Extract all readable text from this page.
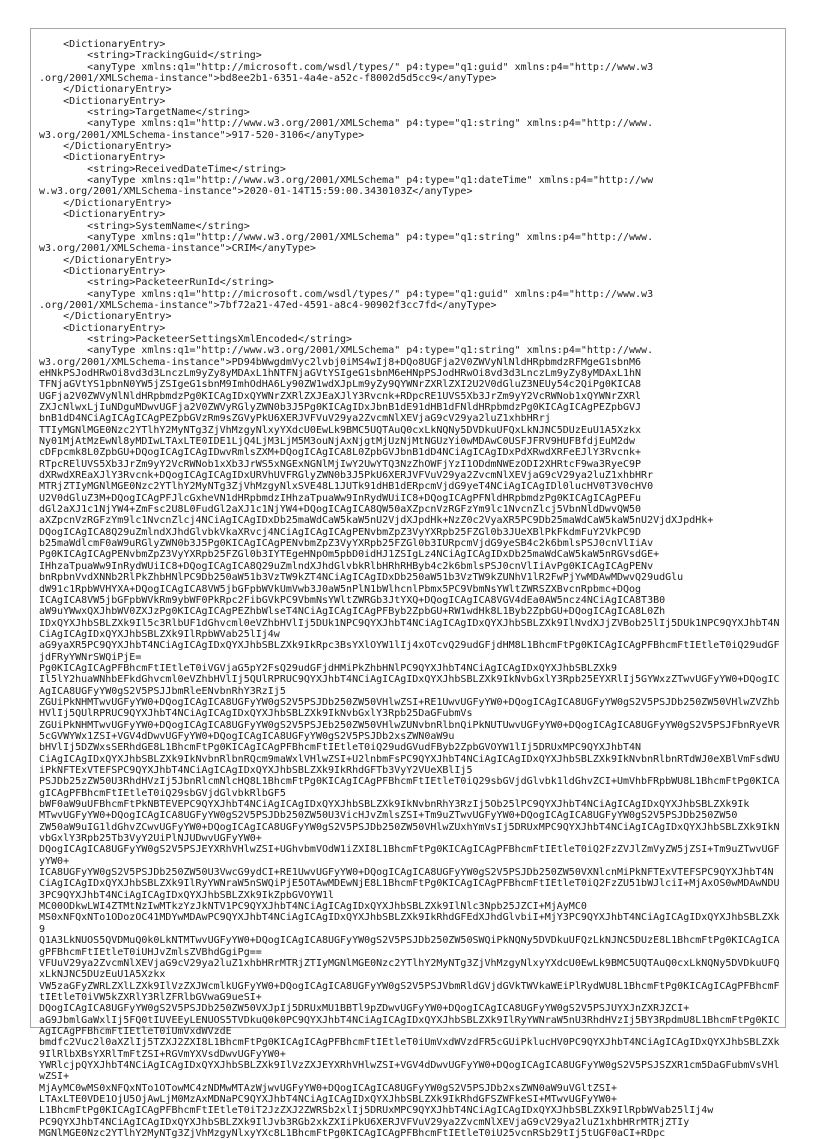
<DictionaryEntry>
<string>TrackingGuid</string>
<anyType xmlns:q1="http://microsoft.com/wsdl/types/" p4:type="q1:guid" xmlns:p4="http://www.w3
.org/2001/XMLSchema-instance">bd8ee2b1-6351-4a4e-a52c-f8002d5d5cc9</anyType>
</DictionaryEntry>
<DictionaryEntry>
<string>TargetName</string>
<anyType xmlns:q1="http://www.w3.org/2001/XMLSchema" p4:type="q1:string" xmlns:p4="http://www.
w3.org/2001/XMLSchema-instance">917-520-3106</anyType>
</DictionaryEntry>
<DictionaryEntry>
<string>ReceivedDateTime</string>
<anyType xmlns:q1="http://www.w3.org/2001/XMLSchema" p4:type="q1:dateTime" xmlns:p4="http://ww
w.w3.org/2001/XMLSchema-instance">2020-01-14T15:59:00.3430103Z</anyType>
</DictionaryEntry>
<DictionaryEntry>
<string>SystemName</string>
<anyType xmlns:q1="http://www.w3.org/2001/XMLSchema" p4:type="q1:string" xmlns:p4="http://www.
w3.org/2001/XMLSchema-instance">CRIM</anyType>
</DictionaryEntry>
<DictionaryEntry>
<string>PacketeerRunId</string>
<anyType xmlns:q1="http://microsoft.com/wsdl/types/" p4:type="q1:guid" xmlns:p4="http://www.w3
.org/2001/XMLSchema-instance">7bf72a21-47ed-4591-a8c4-90902f3cc7fd</anyType>
</DictionaryEntry>
<DictionaryEntry>
<string>PacketeerSettingsXmlEncoded</string>
<anyType xmlns:q1="http://www.w3.org/2001/XMLSchema" p4:type="q1:string" xmlns:p4="http://www.
w3.org/2001/XMLSchema-instance">PD94bWwgdmVyc2lvbj0iMS4wIj8+DQo8UGFja2V0ZWVyNlNldHRpbmdzRFMgeG1sbnM6
eHNkPSJodHRwOi8vd3d3LnczLm9yZy8yMDAxL1hNTFNjaGVtYSIgeG1sbnM6eHNpPSJodHRwOi8vd3d3LnczLm9yZy8yMDAxL1hN
TFNjaGVtYS1pbnN0YW5jZSIgeG1sbnM9ImhOdHA6Ly90ZW1wdXJpLm9yZy9QYWNrZXRlZXI2U2V0dGluZ3NEUy54c2QiPg0KICA8
UGFja2V0ZWVyNlNldHRpbmdzPg0KICAgIDxQYWNrZXRlZXJEaXJlY3Rvcnk+RDpcRE1UVS5Xb3JrZm9yY2VcRWNob1xQYWNrZXRl
ZXJcNlwxLjIuNDguMDwvUGFja2V0ZWVyRGlyZWN0b3J5Pg0KICAgIDxJbnB1dE91dHB1dFNldHRpbmdzPg0KICAgICAgPEZpbGVJ
bnB1dD4NCiAgICAgICAgPEZpbGVzRm9sZGVyPkU6XERJVFVuV29ya2ZvcmNlXEVjaG9cV29ya2luZ1xhbHRrj
TTIyMGNlMGE0Nzc2YTlhY2MyNTg3ZjVhMzgyNlxyYXdcU0EwLk9BMC5UQTAuQ0cxLkNQNy5DVDkuUFQxLkNJNC5DUzEuU1A5Xzkx
Ny01MjAtMzEwNl8yMDIwLTAxLTE0IDE1LjQ4LjM3LjM5M3ouNjAxNjgtMjUzNjMtNGUzYi0wMDAwC0USFJFRV9HUFBfdjEuM2dw
cDFpcmk8L0ZpbGU+DQogICAgICAgIDwvRmlsZXM+DQogICAgICA8L0ZpbGVJbnB1dD4NCiAgICAgIDxPdXRwdXRFeEJlY3Rvcnk+
RTpcRElUVS5Xb3JrZm9yY2VcRWNob1xXb3JrWS5xNGExNGNlMjIwY2UwYTQ3NzZhOWFjYzI1ODdmNWEzODI2XHRtcF9wa3RyeC9P
dXRwdXREaXJlY3Rvcnk+DQogICAgICAgIDxURVhUVFRGlyZWN0b3J5PkU6XERJVFVuV29ya2ZvcmNlXEVjaG9cV29ya2luZ1xhbHRr
MTRjZTIyMGNlMGE0Nzc2YTlhY2MyNTg3ZjVhMzgyNlxSVE48L1JUTk91dHB1dERpcmVjdG9yeT4NCiAgICAgIDl0lucHV0T3V0cHV0
U2V0dGluZ3M+DQogICAgPFJlcGxheVN1dHRpbmdzIHhzaTpuaWw9InRydWUiIC8+DQogICAgPFNldHRpbmdzPg0KICAgICAgPEFu
dGl2aXJ1c1NjYW4+ZmFsc2U8L0FudGl2aXJ1c1NjYW4+DQogICAgICA8QW50aXZpcnVzRGFzYm9lc1NvcnZlcj5VbnNldDwvQW50
aXZpcnVzRGFzYm9lc1NvcnZlcj4NCiAgICAgIDxDb25maWdCaW5kaW5nU2VjdXJpdHk+NzZ0c2VyaXR5PC9Db25maWdCaW5kaW5nU2VjdXJpdHk+
DQogICAgICA8Q29uZmlndXJhdGlvbkVkaXRvcj4NCiAgICAgICAgPENvbmZpZ3VyYXRpb25FZGl0b3JUeXBlPkFkdmFuY2VkPC9D
b25maWdlcmF0aW9uRGlyZWN0b3J5Pg0KICAgICAgPENvbmZpZ3VyYXRpb25FZGl0b3IURpcmVjdG9yeSB4c2k6bmlsPSJ0cnVlIiAv
Pg0KICAgICAgPENvbmZpZ3VyYXRpb25FZGl0b3IYTEgeHNpOm5pbD0idHJ1ZSIgLz4NCiAgICAgIDxDb25maWdCaW5kaW5nRGVsdGE+
IHhzaTpuaWw9InRydWUiIC8+DQogICAgICA8Q29uZmlndXJhdGlvbkRlbHRhRHByb4c2k6bmlsPSJ0cnVlIiAvPg0KICAgICAgPENv
bnRpbnVvdXNNb2RlPkZhbHNlPC9Db250aW51b3VzTW9kZT4NCiAgICAgIDxDb250aW51b3VzTW9kZUNhV1lR2FwPjYwMDAwMDwvQ29udGlu
dW91c1RpbWVHYXA+DQogICAgICA8VW5jbGFpbWVkUmVwb3J0aW5nPlN1bWlhcnlPbmx5PC9VbmNsYWltZWRSZXBvcnRpbmc+DQog
ICAgICA8VW5jbGFpbWVkRm9ybWF0PkRpc2FibGVkPC9VbmNsYWltZWRGb3JtYXQ+DQogICAgICA8VGV4dEa0AW5ncz4NCiAgICA8T3B0
aW9uYWwxQXJhbWV0ZXJzPg0KICAgICAgPEZhbWlseT4NCiAgICAgICAgPFByb2ZpbGU+RW1wdHk8L1Byb2ZpbGU+DQogICAgICA8L0Zh
IDxQYXJhbSBLZXk9Il5c3RlbUF1dGhvcml0eVZhbHVlIj5DUk1NPC9QYXJhbT4NCiAgICAgIDxQYXJhbSBLZXk9IlNvdXJjZVBob25lIj5DUk1NPC9QYXJhbT4NCiAgICAgIDxQYXJhbSBLZXk9IlRpbWVab25lIj4w
aG9yaXR5PC9QYXJhbT4NCiAgICAgIDxQYXJhbSBLZXk9IkRpc3BsYXlOYW1lIj4xOTcvQ29udGFjdHM8L1BhcmFtPg0KICAgICAgPFBhcmFtIEtleT0iQ29udGFjdFRyYWNrSWQiPjE=
Pg0KICAgICAgPFBhcmFtIEtleT0iVGVjaG5pY2FsQ29udGFjdHMiPkZhbHNlPC9QYXJhbT4NCiAgICAgIDxQYXJhbSBLZXk9
Il5lY2huaWNhbEFkdGhvcml0eVZhbHVlIj5QUlRPRUC9QYXJhbT4NCiAgICAgIDxQYXJhbSBLZXk9IkNvbGxlY3Rpb25EYXRlIj5GYWxzZTwvUGFyYW0+DQogICAgICA8UGFyYW0gS2V5PSJJbmRleENvbnRhY3RzIj5
ZGUiPkNHMTwvUGFyYW0+DQogICAgICA8UGFyYW0gS2V5PSJDb250ZW50VHlwZSI+RE1UwvUGFyYW0+DQogICAgICA8UGFyYW0gS2V5PSJDb250ZW50VHlwZVZhbHVlIj5QUlRPRUC9QYXJhbT4NCiAgICAgIDxQYXJhbSBLZXk9IkNvbGxlY3Rpb25DaGFubmVs
ZGUiPkNHMTwvUGFyYW0+DQogICAgICA8UGFyYW0gS2V5PSJEb250ZW50VHlwZUNvbnRlbnQiPkNUTUwvUGFyYW0+DQogICAgICA8UGFyYW0gS2V5PSJFbnRyeVR5cGVWYWx1ZSI+VGV4dDwvUGFyYW0+DQogICAgICA8UGFyYW0gS2V5PSJDb2xsZWN0aW9u
bHVlIj5DZWxsSERhdGE8L1BhcmFtPg0KICAgICAgPFBhcmFtIEtleT0iQ29udGVudFByb2ZpbGVOYW1lIj5DRUxMPC9QYXJhbT4N
CiAgICAgIDxQYXJhbSBLZXk9IkNvbnRlbnRQcm9maWxlVHlwZSI+U2lnbmFsPC9QYXJhbT4NCiAgICAgIDxQYXJhbSBLZXk9IkNvbnRlbnRTdWJ0eXBlVmFsdWUiPkNFTExVTEFSPC9QYXJhbT4NCiAgICAgIDxQYXJhbSBLZXk9IkRhdGFTb3VyY2VUeXBlIj5
PSJDb25zZW50U3RhdHVzIj5JbnRlcmNlcHQ8L1BhcmFtPg0KICAgICAgPFBhcmFtIEtleT0iQ29sbGVjdGlvbk1ldGhvZCI+UmVhbFRpbWU8L1BhcmFtPg0KICAgICAgPFBhcmFtIEtleT0iQ29sbGVjdGlvbkRlbGF5
bWF0aW9uUFBhcmFtPkNBTEVEPC9QYXJhbT4NCiAgICAgIDxQYXJhbSBLZXk9IkNvbnRhY3RzIj5Ob25lPC9QYXJhbT4NCiAgICAgIDxQYXJhbSBLZXk9Ik
MTwvUGFyYW0+DQogICAgICA8UGFyYW0gS2V5PSJDb250ZW50U3VicHJvZmlsZSI+Tm9uZTwvUGFyYW0+DQogICAgICA8UGFyYW0gS2V5PSJDb250ZW50
ZW50aW9uIG1ldGhvZCwvUGFyYW0+DQogICAgICA8UGFyYW0gS2V5PSJDb250ZW50VHlwZUxhYmVsIj5DRUxMPC9QYXJhbT4NCiAgICAgIDxQYXJhbSBLZXk9IkNvbGxlY3Rpb25Tb3VyY2UiPlNJUDwvUGFyYW0+
DQogICAgICA8UGFyYW0gS2V5PSJEYXRhVHlwZSI+UGhvbmVOdW1iZXI8L1BhcmFtPg0KICAgICAgPFBhcmFtIEtleT0iQ2FzZVJlZmVyZW5jZSI+Tm9uZTwvUGFyYW0+
ICA8UGFyYW0gS2V5PSJDb250ZW50U3VwcG9ydCI+RE1UwvUGFyYW0+DQogICAgICA8UGFyYW0gS2V5PSJDb250ZW50VXNlcnMiPkNFTExVTEFSPC9QYXJhbT4N
CiAgICAgIDxQYXJhbSBLZXk9IlRyYWNraW5nSWQiPjE5OTAwMDEwNjE8L1BhcmFtPg0KICAgICAgPFBhcmFtIEtleT0iQ2FzZU51bWJlciI+MjAxOS0wMDAwNDU3PC9QYXJhbT4NCiAgICAgIDxQYXJhbSBLZXk9IkZpbGVOYW1l
MC00ODkwLWI4ZTMtNzIwMTkzYzJkNTV1PC9QYXJhbT4NCiAgICAgIDxQYXJhbSBLZXk9IlNlc3Npb25JZCI+MjAyMC0
MS0xNFQxNTo1ODozOC41MDYwMDAwPC9QYXJhbT4NCiAgICAgIDxQYXJhbSBLZXk9IkRhdGFEdXJhdGlvbiI+MjY3PC9QYXJhbT4NCiAgICAgIDxQYXJhbSBLZXk9
Q1A3LkNUOS5QVDMuQ0k0LkNTMTwvUGFyYW0+DQogICAgICA8UGFyYW0gS2V5PSJDb250ZW50SWQiPkNQNy5DVDkuUFQzLkNJNC5DUzE8L1BhcmFtPg0KICAgICAgPFBhcmFtIEtleT0iUHJvZmlsZVBhdGgiPg==
VFUuV29ya2ZvcmNlXEVjaG9cV29ya2luZ1xhbHRrMTRjZTIyMGNlMGE0Nzc2YTlhY2MyNTg3ZjVhMzgyNlxyYXdcU0EwLk9BMC5UQTAuQ0cxLkNQNy5DVDkuUFQxLkNJNC5DUzEuU1A5Xzkx
VW5zaGFyZWRLZXlLZXk9IlVzZXJWcmlkUGFyYW0+DQogICAgICA8UGFyYW0gS2V5PSJVbmRldGVjdGVkTWVkaWEiPlRydWU8L1BhcmFtPg0KICAgICAgPFBhcmFtIEtleT0iVW5kZXRlY3RlZFRlbGVwaG9ueSI+
DQogICAgICA8UGFyYW0gS2V5PSJDb250ZW50VXJpIj5DRUxMU1BBTl9pZDwvUGFyYW0+DQogICAgICA8UGFyYW0gS2V5PSJUYXJnZXRJZCI+
aG9JbmlGaWxlIj5FQ0tIUVEEyLENUOS5TVDkuQ0k0PC9QYXJhbT4NCiAgICAgIDxQYXJhbSBLZXk9IlRyYWNraW5nU3RhdHVzIj5BY3RpdmU8L1BhcmFtPg0KICAgICAgPFBhcmFtIEtleT0iUmVxdWVzdE
bmdfc2Vuc2l0aXZlIj5TZXJ2ZXI8L1BhcmFtPg0KICAgICAgPFBhcmFtIEtleT0iUmVxdWVzdFR5cGUiPklucHV0PC9QYXJhbT4NCiAgICAgIDxQYXJhbSBLZXk9IlRlbXBsYXRlTmFtZSI+RGVmYXVsdDwvUGFyYW0+
YWRlcjpQYXJhbT4NCiAgICAgIDxQYXJhbSBLZXk9IlVzZXJEYXRhVHlwZSI+VGV4dDwvUGFyYW0+DQogICAgICA8UGFyYW0gS2V5PSJSZXR1cm5DaGFubmVsVHlwZSI+
MjAyMC0wMS0xNFQxNTo1OTowMC4zNDMwMTAzWjwvUGFyYW0+DQogICAgICA8UGFyYW0gS2V5PSJDb2xsZWN0aW9uVGltZSI+
LTAxLTE0VDE1OjU5OjAwLjM0MzAxMDNaPC9QYXJhbT4NCiAgICAgIDxQYXJhbSBLZXk9IkRhdGFSZWFkeSI+MTwvUGFyYW0+
L1BhcmFtPg0KICAgICAgPFBhcmFtIEtleT0iT2JzZXJ2ZWRSb2xlIj5DRUxMPC9QYXJhbT4NCiAgICAgIDxQYXJhbSBLZXk9IlRpbWVab25lIj4w
PC9QYXJhbT4NCiAgICAgIDxQYXJhbSBLZXk9IlJvb3RGb2xkZXIiPkU6XERJVFVuV29ya2ZvcmNlXEVjaG9cV29ya2luZ1xhbHRrMTRjZTIy
MGNlMGE0Nzc2YTlhY2MyNTg3ZjVhMzgyNlxyYXc8L1BhcmFtPg0KICAgICAgPFBhcmFtIEtleT0iU25vcnRSb29tIj5tUGF0aCI+RDpc
